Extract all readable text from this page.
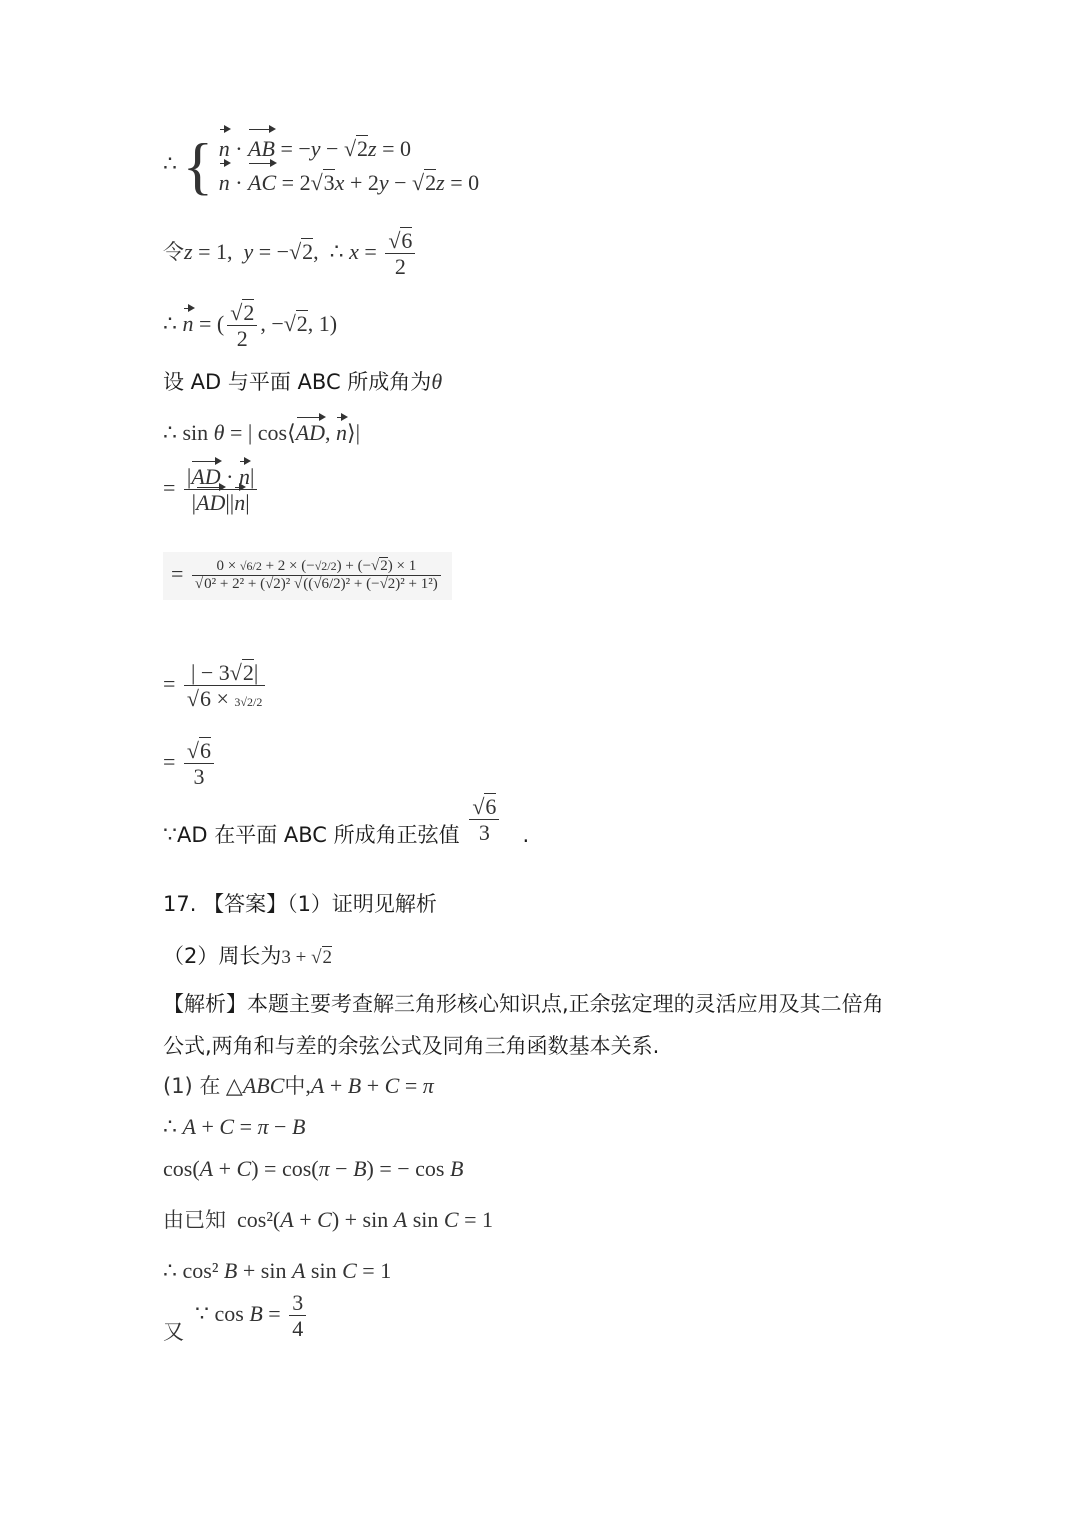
∴ { n · AB = −y − √2z = 0
n · AC = 2√3x + 2y − √2z = 0
令z = 1,  y = −√2,  ∴ $x = \frac{√6}{2}$
∴ n = ( $\frac{√2}{2}$ , −√2, 1)
设 AD 与平面 ABC 所成角为θ
∴ sin θ = | cos⟨AD, n⟩|
= $\frac{|AD \cdot n|}{|AD||n|}$
= $\frac{0 \times √6/2 + 2 \times (-√2/2) + (-√2) \times 1}{\text{√0² + 2² + (√2)² √((√6/2)² + (−√2)² + 1²)}}$
= $\frac{| - 3√2|}{√6 \times 3√2/2}$
= $\frac{√6}{3}$
∵AD 在平面 ABC 所成角正弦值 $\frac{√6}{3}$ .
17. 【答案】（1）证明见解析
（2）周长为3 + √2
【解析】本题主要考查解三角形核心知识点,正余弦定理的灵活应用及其二倍角
公式,两角和与差的余弦公式及同角三角函数基本关系.
(1) 在 △ABC中,A + B + C = π
∴ A + C = π − B
cos(A + C) = cos(π − B) = − cos B
由已知  cos²(A + C) + sin A sin C = 1
∴ cos² B + sin A sin C = 1
又  ∵ $\cos B = \frac{3}{4}$
